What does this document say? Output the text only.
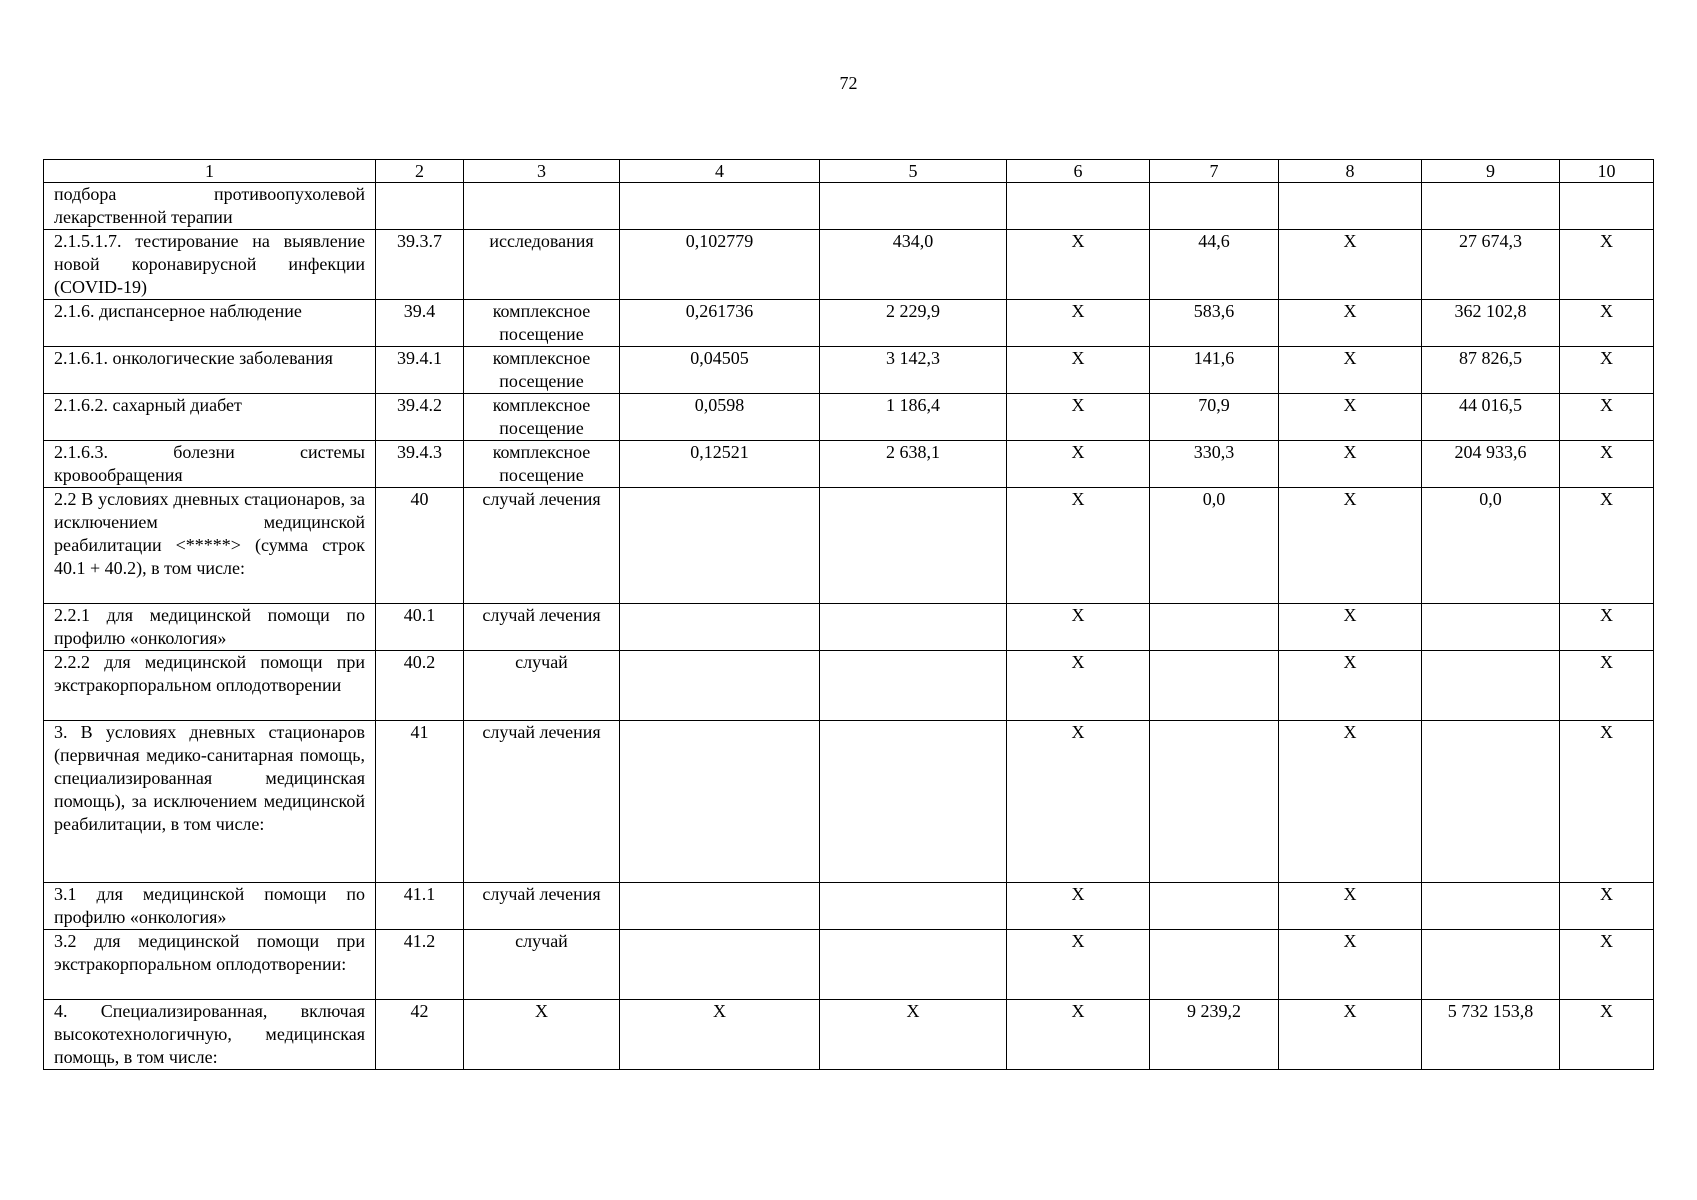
72
1	2	3	4	5	6	7	8	9	10
подбора противоопухолевой лекарственной терапии									
2.1.5.1.7. тестирование на выявление новой коронавирусной инфекции (COVID-19)	39.3.7	исследования	0,102779	434,0	Х	44,6	Х	27 674,3	Х
2.1.6. диспансерное наблюдение	39.4	комплексное посещение	0,261736	2 229,9	Х	583,6	Х	362 102,8	Х
2.1.6.1. онкологические заболевания	39.4.1	комплексное посещение	0,04505	3 142,3	Х	141,6	Х	87 826,5	Х
2.1.6.2. сахарный диабет	39.4.2	комплексное посещение	0,0598	1 186,4	Х	70,9	Х	44 016,5	Х
2.1.6.3. болезни системы кровообращения	39.4.3	комплексное посещение	0,12521	2 638,1	Х	330,3	Х	204 933,6	Х
2.2 В условиях дневных стационаров, за исключением медицинской реабилитации <*****> (сумма строк 40.1 + 40.2), в том числе:	40	случай лечения			Х	0,0	Х	0,0	Х
2.2.1 для медицинской помощи по профилю «онкология»	40.1	случай лечения			Х		Х		Х
2.2.2 для медицинской помощи при экстракорпоральном оплодотворении	40.2	случай			Х		Х		Х
3. В условиях дневных стационаров (первичная медико-санитарная помощь, специализированная медицинская помощь), за исключением медицинской реабилитации, в том числе:	41	случай лечения			Х		Х		Х
3.1 для медицинской помощи по профилю «онкология»	41.1	случай лечения			Х		Х		Х
3.2 для медицинской помощи при экстракорпоральном оплодотворении:	41.2	случай			Х		Х		Х
4. Специализированная, включая высокотехнологичную, медицинская помощь, в том числе:	42	Х	Х	Х	Х	9 239,2	Х	5 732 153,8	Х
